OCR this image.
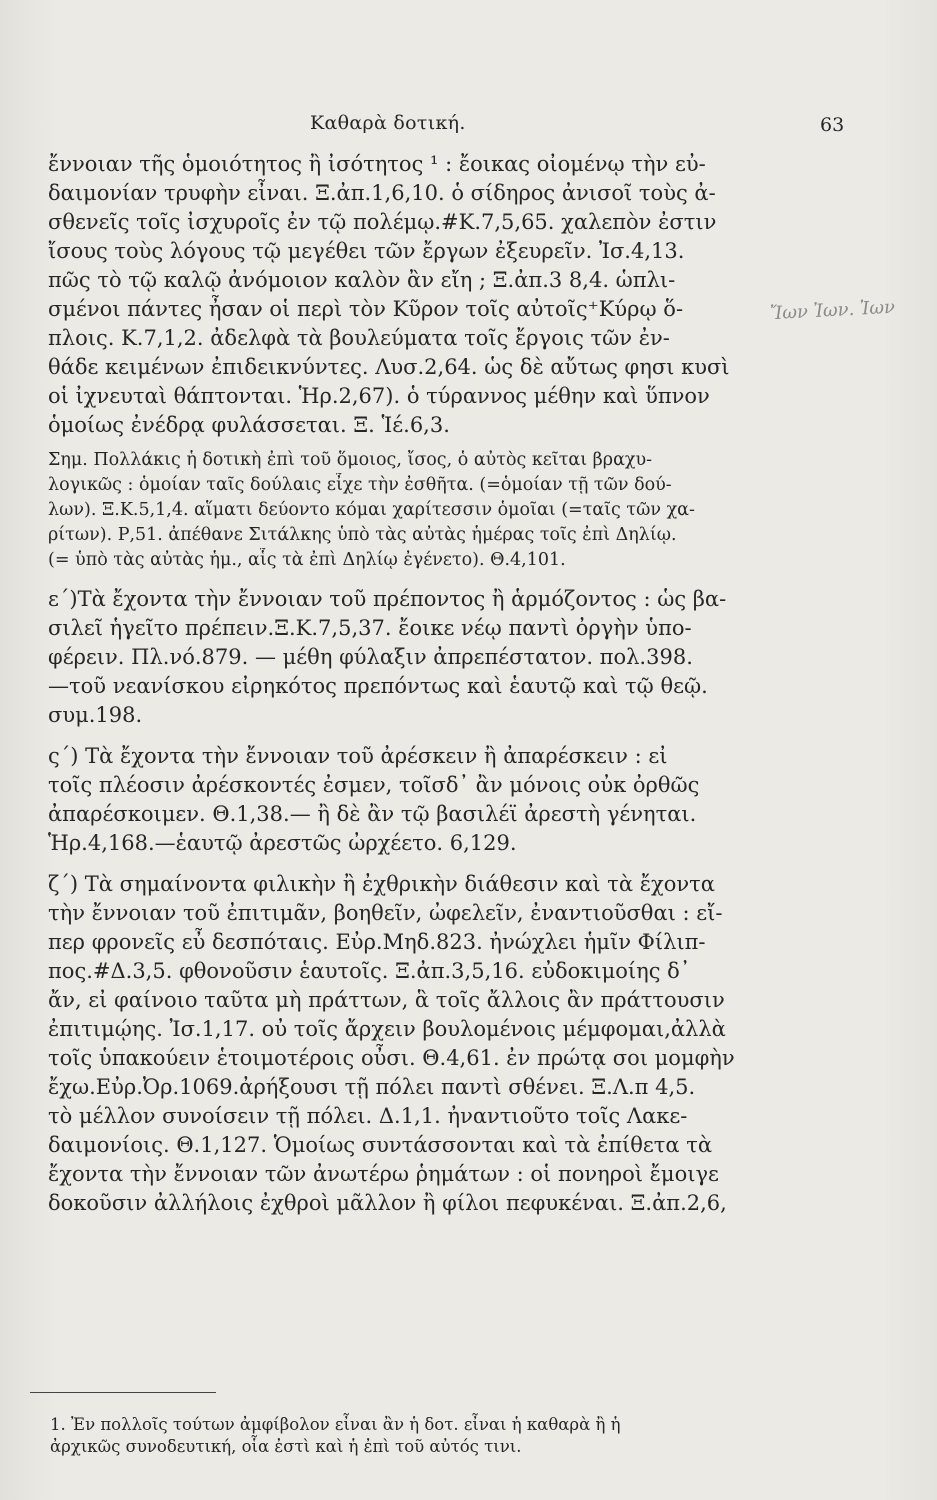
Καθαρὰ δοτική.	63
ἔννοιαν τῆς ὁμοιότητος ἢ ἰσότητος ¹ : ἔοικας οἰομένῳ τὴν εὐ-
δαιμονίαν τρυφὴν εἶναι. Ξ.ἀπ.1,6,10. ὁ σίδηρος ἀνισοῖ τοὺς ἀ-
σθενεῖς τοῖς ἰσχυροῖς ἐν τῷ πολέμῳ.#Κ.7,5,65. χαλεπὸν ἐστιν
ἴσους τοὺς λόγους τῷ μεγέθει τῶν ἔργων ἐξευρεῖν. Ἰσ.4,13.
πῶς τὸ τῷ καλῷ ἀνόμοιον καλὸν ἂν εἴη ; Ξ.ἀπ.3 8,4. ὡπλι-
σμένοι πάντες ἦσαν οἱ περὶ τὸν Κῦρον τοῖς αὐτοῖς⁺Κύρῳ ὅ-
πλοις. Κ.7,1,2. ἀδελφὰ τὰ βουλεύματα τοῖς ἔργοις τῶν ἐν-
θάδε κειμένων ἐπιδεικνύντες. Λυσ.2,64. ὡς δὲ αὔτως φησι κυσὶ
οἱ ἰχνευταὶ θάπτονται. Ἡρ.2,67). ὁ τύραννος μέθην καὶ ὕπνον
ὁμοίως ἐνέδρᾳ φυλάσσεται. Ξ. Ἱέ.6,3.
Σημ. Πολλάκις ἡ δοτικὴ ἐπὶ τοῦ ὅμοιος, ἴσος, ὁ αὐτὸς κεῖται βραχυ-
λογικῶς : ὁμοίαν ταῖς δούλαις εἶχε τὴν ἐσθῆτα. (=ὁμοίαν τῇ τῶν δού-
λων). Ξ.Κ.5,1,4. αἵματι δεύοντο κόμαι χαρίτεσσιν ὁμοῖαι (=ταῖς τῶν χα-
ρίτων). Ρ,51. ἀπέθανε Σιτάλκης ὑπὸ τὰς αὐτὰς ἡμέρας τοῖς ἐπὶ Δηλίῳ.
(= ὑπὸ τὰς αὐτὰς ἡμ., αἷς τὰ ἐπὶ Δηλίῳ ἐγένετο). Θ.4,101.
ε΄)Τὰ ἔχοντα τὴν ἔννοιαν τοῦ πρέποντος ἢ ἁρμόζοντος : ὡς βα-
σιλεῖ ἡγεῖτο πρέπειν.Ξ.Κ.7,5,37. ἔοικε νέῳ παντὶ ὀργὴν ὑπο-
φέρειν. Πλ.νό.879. — μέθη φύλαξιν ἀπρεπέστατον. πολ.398.
—τοῦ νεανίσκου εἰρηκότος πρεπόντως καὶ ἑαυτῷ καὶ τῷ θεῷ.
συμ.198.
ς΄) Τὰ ἔχοντα τὴν ἔννοιαν τοῦ ἀρέσκειν ἢ ἀπαρέσκειν : εἰ
τοῖς πλέοσιν ἀρέσκοντές ἐσμεν, τοῖσδ᾽ ἂν μόνοις οὐκ ὀρθῶς
ἀπαρέσκοιμεν. Θ.1,38.— ἢ δὲ ἂν τῷ βασιλέϊ ἀρεστὴ γένηται.
Ἡρ.4,168.—ἑαυτῷ ἀρεστῶς ὠρχέετο. 6,129.
ζ΄) Τὰ σημαίνοντα φιλικὴν ἢ ἐχθρικὴν διάθεσιν καὶ τὰ ἔχοντα
τὴν ἔννοιαν τοῦ ἐπιτιμᾶν, βοηθεῖν, ὠφελεῖν, ἐναντιοῦσθαι : εἴ-
περ φρονεῖς εὖ δεσπόταις. Εὐρ.Μηδ.823. ἠνώχλει ἡμῖν Φίλιπ-
πος.#Δ.3,5. φθονοῦσιν ἑαυτοῖς. Ξ.ἀπ.3,5,16. εὐδοκιμοίης δ᾽
ἄν, εἰ φαίνοιο ταῦτα μὴ πράττων, ἃ τοῖς ἄλλοις ἂν πράττουσιν
ἐπιτιμῴης. Ἰσ.1,17. οὐ τοῖς ἄρχειν βουλομένοις μέμφομαι,ἀλλὰ
τοῖς ὑπακούειν ἑτοιμοτέροις οὖσι. Θ.4,61. ἐν πρώτᾳ σοι μομφὴν
ἔχω.Εὐρ.Ὀρ.1069.ἀρήξουσι τῇ πόλει παντὶ σθένει. Ξ.Λ.π 4,5.
τὸ μέλλον συνοίσειν τῇ πόλει. Δ.1,1. ἠναντιοῦτο τοῖς Λακε-
δαιμονίοις. Θ.1,127. Ὁμοίως συντάσσονται καὶ τὰ ἐπίθετα τὰ
ἔχοντα τὴν ἔννοιαν τῶν ἀνωτέρω ῥημάτων : οἱ πονηροὶ ἔμοιγε
δοκοῦσιν ἀλλήλοις ἐχθροὶ μᾶλλον ἢ φίλοι πεφυκέναι. Ξ.ἀπ.2,6,
Ἴων Ἰων. Ἰων
1. Ἐν πολλοῖς τούτων ἀμφίβολον εἶναι ἂν ἡ δοτ. εἶναι ἡ καθαρὰ ἢ ἡ
ἀρχικῶς συνοδευτική, οἷα ἐστὶ καὶ ἡ ἐπὶ τοῦ αὐτός τινι.
